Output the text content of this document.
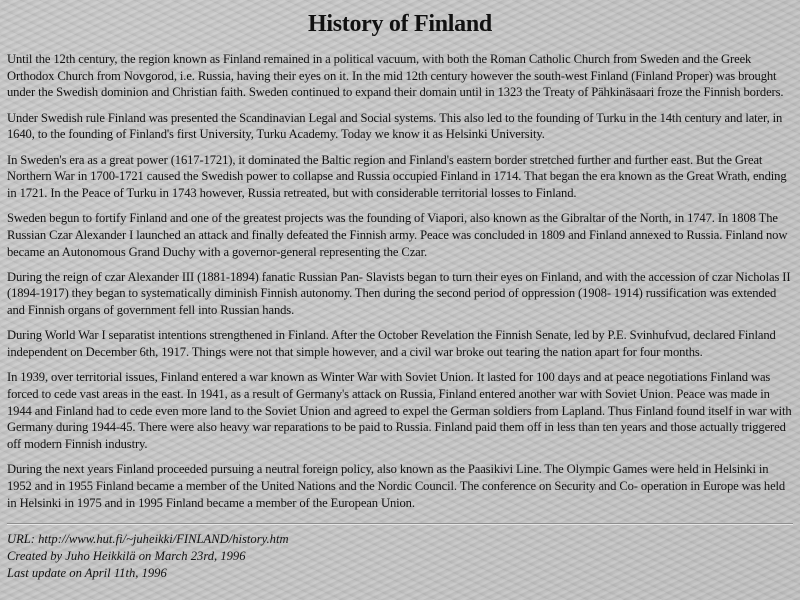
History of Finland

Until the 12th century, the region known as Finland remained in a political vacuum, with both the Roman Catholic Church from Sweden and the Greek Orthodox Church from Novgorod, i.e. Russia, having their eyes on it. In the mid 12th century however the south-west Finland (Finland Proper) was brought under the Swedish dominion and Christian faith. Sweden continued to expand their domain until in 1323 the Treaty of Pähkinäsaari froze the Finnish borders.

Under Swedish rule Finland was presented the Scandinavian Legal and Social systems. This also led to the founding of Turku in the 14th century and later, in 1640, to the founding of Finland's first University, Turku Academy. Today we know it as Helsinki University.

In Sweden's era as a great power (1617-1721), it dominated the Baltic region and Finland's eastern border stretched further and further east. But the Great Northern War in 1700-1721 caused the Swedish power to collapse and Russia occupied Finland in 1714. That began the era known as the Great Wrath, ending in 1721. In the Peace of Turku in 1743 however, Russia retreated, but with considerable territorial losses to Finland.

Sweden begun to fortify Finland and one of the greatest projects was the founding of Viapori, also known as the Gibraltar of the North, in 1747. In 1808 The Russian Czar Alexander I launched an attack and finally defeated the Finnish army. Peace was concluded in 1809 and Finland annexed to Russia. Finland now became an Autonomous Grand Duchy with a governor-general representing the Czar.

During the reign of czar Alexander III (1881-1894) fanatic Russian Pan- Slavists began to turn their eyes on Finland, and with the accession of czar Nicholas II (1894-1917) they began to systematically diminish Finnish autonomy. Then during the second period of oppression (1908- 1914) russification was extended and Finnish organs of government fell into Russian hands.

During World War I separatist intentions strengthened in Finland. After the October Revelation the Finnish Senate, led by P.E. Svinhufvud, declared Finland independent on December 6th, 1917. Things were not that simple however, and a civil war broke out tearing the nation apart for four months.

In 1939, over territorial issues, Finland entered a war known as Winter War with Soviet Union. It lasted for 100 days and at peace negotiations Finland was forced to cede vast areas in the east. In 1941, as a result of Germany's attack on Russia, Finland entered another war with Soviet Union. Peace was made in 1944 and Finland had to cede even more land to the Soviet Union and agreed to expel the German soldiers from Lapland. Thus Finland found itself in war with Germany during 1944-45. There were also heavy war reparations to be paid to Russia. Finland paid them off in less than ten years and those actually triggered off modern Finnish industry.

During the next years Finland proceeded pursuing a neutral foreign policy, also known as the Paasikivi Line. The Olympic Games were held in Helsinki in 1952 and in 1955 Finland became a member of the United Nations and the Nordic Council. The conference on Security and Co- operation in Europe was held in Helsinki in 1975 and in 1995 Finland became a member of the European Union.

URL: http://www.hut.fi/~juheikki/FINLAND/history.htm
Created by Juho Heikkilä on March 23rd, 1996
Last update on April 11th, 1996
